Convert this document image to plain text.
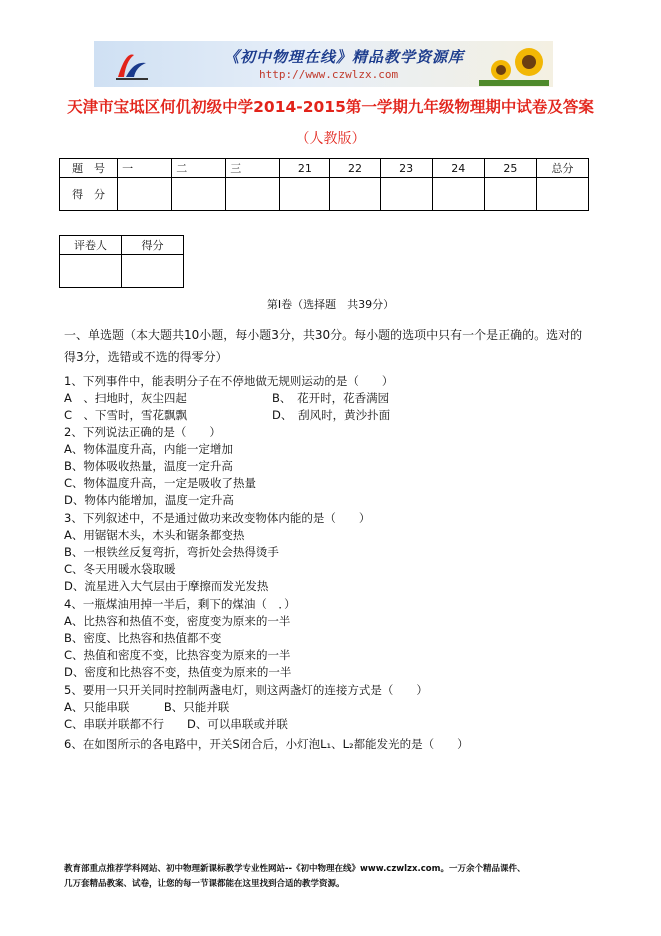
《初中物理在线》精品教学资源库
http://www.czwlzx.com
天津市宝坻区何仉初级中学2014-2015第一学期九年级物理期中试卷及答案
（人教版）
题　号	一	二	三	21	22	23	24	25	总分
得　分									
评卷人	得分

第Ⅰ卷（选择题　共39分）
一、单选题（本大题共10小题，每小题3分，共30分。每小题的选项中只有一个是正确的。选对的得3分，选错或不选的得零分）
1、下列事件中，能表明分子在不停地做无规则运动的是（　　）
A　、扫地时，灰尘四起	B、　花开时，花香满园
C　、下雪时，雪花飘飘	D、　刮风时，黄沙扑面
2、下列说法正确的是（　　）
A、物体温度升高，内能一定增加
B、物体吸收热量，温度一定升高
C、物体温度升高，一定是吸收了热量
D、物体内能增加，温度一定升高
3、下列叙述中，不是通过做功来改变物体内能的是（　　）
A、用锯锯木头，木头和锯条都变热
B、一根铁丝反复弯折，弯折处会热得烫手
C、冬天用暖水袋取暖
D、流星进入大气层由于摩擦而发光发热
4、一瓶煤油用掉一半后，剩下的煤油（　．）
A、比热容和热值不变，密度变为原来的一半
B、密度、比热容和热值都不变
C、热值和密度不变，比热容变为原来的一半
D、密度和比热容不变，热值变为原来的一半
5、要用一只开关同时控制两盏电灯，则这两盏灯的连接方式是（　　）
A、只能串联　　　B、只能并联
C、串联并联都不行　　D、可以串联或并联
6、在如图所示的各电路中，开关S闭合后，小灯泡L₁、L₂都能发光的是（　　）
教育部重点推荐学科网站、初中物理新课标教学专业性网站--《初中物理在线》www.czwlzx.com。一万余个精品课件、
几万套精品教案、试卷，让您的每一节课都能在这里找到合适的教学资源。
